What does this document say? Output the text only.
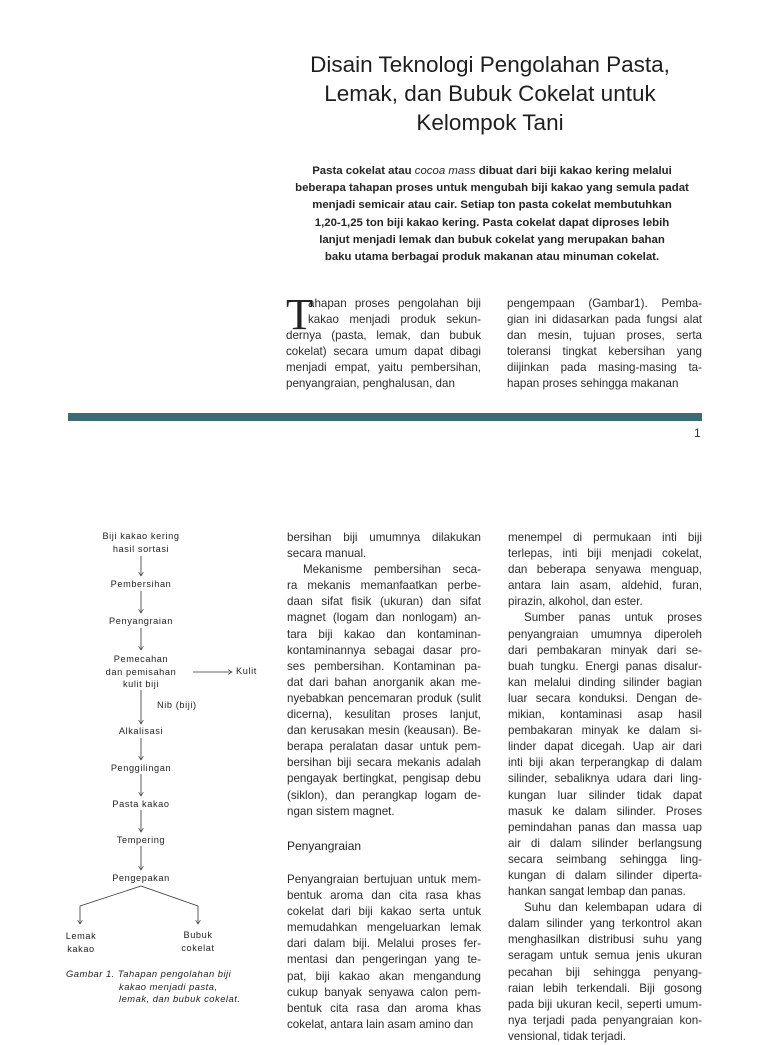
Disain Teknologi Pengolahan Pasta,
Lemak, dan Bubuk Cokelat untuk
Kelompok Tani
Pasta cokelat atau cocoa mass dibuat dari biji kakao kering melalui
beberapa tahapan proses untuk mengubah biji kakao yang semula padat
menjadi semicair atau cair. Setiap ton pasta cokelat membutuhkan
1,20-1,25 ton biji kakao kering. Pasta cokelat dapat diproses lebih
lanjut menjadi lemak dan bubuk cokelat yang merupakan bahan
baku utama berbagai produk makanan atau minuman cokelat.
T
ahapan proses pengolahan biji
kakao menjadi produk sekun-
dernya (pasta, lemak, dan bubuk
cokelat) secara umum dapat dibagi
menjadi empat, yaitu pembersihan,
penyangraian, penghalusan, dan
pengempaan (Gambar1). Pemba-
gian ini didasarkan pada fungsi alat
dan mesin, tujuan proses, serta
toleransi tingkat kebersihan yang
diijinkan pada masing-masing ta-
hapan proses sehingga makanan
1
Biji kakao kering
hasil sortasi
Pembersihan
Penyangraian
Pemecahan
dan pemisahan
kulit biji
Kulit
Nib (biji)
Alkalisasi
Penggilingan
Pasta kakao
Tempering
Pengepakan
Lemak
kakao
Bubuk
cokelat
Gambar 1. Tahapan pengolahan biji
kakao menjadi pasta,
lemak, dan bubuk cokelat.
bersihan biji umumnya dilakukan
secara manual.
Mekanisme pembersihan seca-
ra mekanis memanfaatkan perbe-
daan sifat fisik (ukuran) dan sifat
magnet (logam dan nonlogam) an-
tara biji kakao dan kontaminan-
kontaminannya sebagai dasar pro-
ses pembersihan. Kontaminan pa-
dat dari bahan anorganik akan me-
nyebabkan pencemaran produk (sulit
dicerna), kesulitan proses lanjut,
dan kerusakan mesin (keausan). Be-
berapa peralatan dasar untuk pem-
bersihan biji secara mekanis adalah
pengayak bertingkat, pengisap debu
(siklon), dan perangkap logam de-
ngan sistem magnet.
Penyangraian
Penyangraian bertujuan untuk mem-
bentuk aroma dan cita rasa khas
cokelat dari biji kakao serta untuk
memudahkan mengeluarkan lemak
dari dalam biji. Melalui proses fer-
mentasi dan pengeringan yang te-
pat, biji kakao akan mengandung
cukup banyak senyawa calon pem-
bentuk cita rasa dan aroma khas
cokelat, antara lain asam amino dan
menempel di permukaan inti biji
terlepas, inti biji menjadi cokelat,
dan beberapa senyawa menguap,
antara lain asam, aldehid, furan,
pirazin, alkohol, dan ester.
Sumber panas untuk proses
penyangraian umumnya diperoleh
dari pembakaran minyak dari se-
buah tungku. Energi panas disalur-
kan melalui dinding silinder bagian
luar secara konduksi. Dengan de-
mikian, kontaminasi asap hasil
pembakaran minyak ke dalam si-
linder dapat dicegah. Uap air dari
inti biji akan terperangkap di dalam
silinder, sebaliknya udara dari ling-
kungan luar silinder tidak dapat
masuk ke dalam silinder. Proses
pemindahan panas dan massa uap
air di dalam silinder berlangsung
secara seimbang sehingga ling-
kungan di dalam silinder diperta-
hankan sangat lembap dan panas.
Suhu dan kelembapan udara di
dalam silinder yang terkontrol akan
menghasilkan distribusi suhu yang
seragam untuk semua jenis ukuran
pecahan biji sehingga penyang-
raian lebih terkendali. Biji gosong
pada biji ukuran kecil, seperti umum-
nya terjadi pada penyangraian kon-
vensional, tidak terjadi.
